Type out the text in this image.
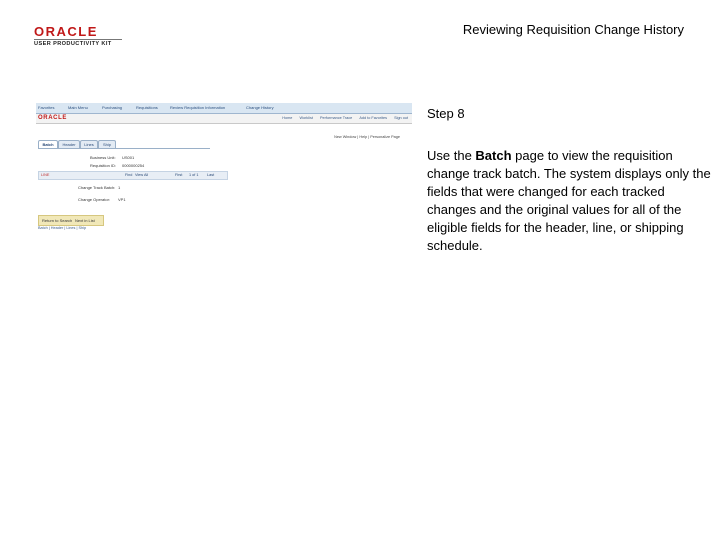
ORACLE
USER PRODUCTIVITY KIT
Reviewing Requisition Change History
Favorites	Main Menu	Purchasing	Requisitions	Review Requisition Information	Change History
ORACLE	Home Worklist Performance Trace Add to Favorites Sign out
New Window | Help | Personalize Page
Batch	Header	Lines	Ship
Business Unit: US001
Requisition ID: 0000000254
LINE	Find View All	First 1 of 1 Last
Change Track Batch: 1
Change Operator: VP1
Return to Search Next in List
Batch | Header | Lines | Ship
Step 8
Use the Batch page to view the requisition change track batch. The system displays only the fields that were changed for each tracked changes and the original values for all of the eligible fields for the header, line, or shipping schedule.
